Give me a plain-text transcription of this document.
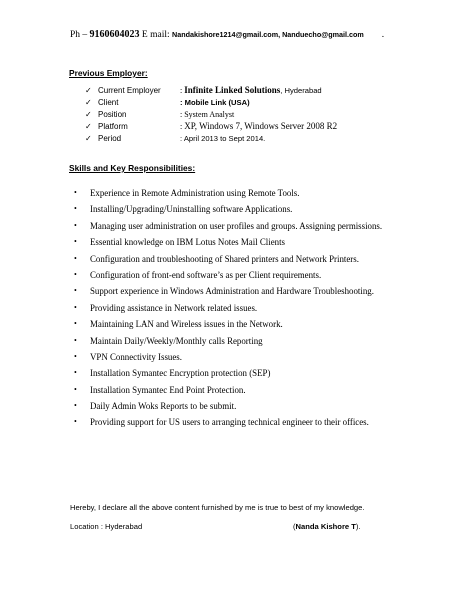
Ph – 9160604023 E mail: Nandakishore1214@gmail.com, Nanduecho@gmail.com .
Previous Employer:
✓ Current Employer : Infinite Linked Solutions, Hyderabad
✓ Client	: Mobile Link (USA)
✓ Position	: System Analyst
✓ Platform	: XP, Windows 7, Windows Server 2008 R2
✓ Period	: April 2013 to Sept 2014.
Skills and Key Responsibilities:
• Experience in Remote Administration using Remote Tools.
• Installing/Upgrading/Uninstalling software Applications.
• Managing user administration on user profiles and groups. Assigning permissions.
• Essential knowledge on IBM Lotus Notes Mail Clients
• Configuration and troubleshooting of Shared printers and Network Printers.
• Configuration of front-end software’s as per Client requirements.
• Support experience in Windows Administration and Hardware Troubleshooting.
• Providing assistance in Network related issues.
• Maintaining LAN and Wireless issues in the Network.
• Maintain Daily/Weekly/Monthly calls Reporting
• VPN Connectivity Issues.
• Installation Symantec Encryption protection (SEP)
• Installation Symantec End Point Protection.
• Daily Admin Woks Reports to be submit.
• Providing support for US users to arranging technical engineer to their offices.
Hereby, I declare all the above content furnished by me is true to best of my knowledge.
Location : Hyderabad	(Nanda Kishore T).
